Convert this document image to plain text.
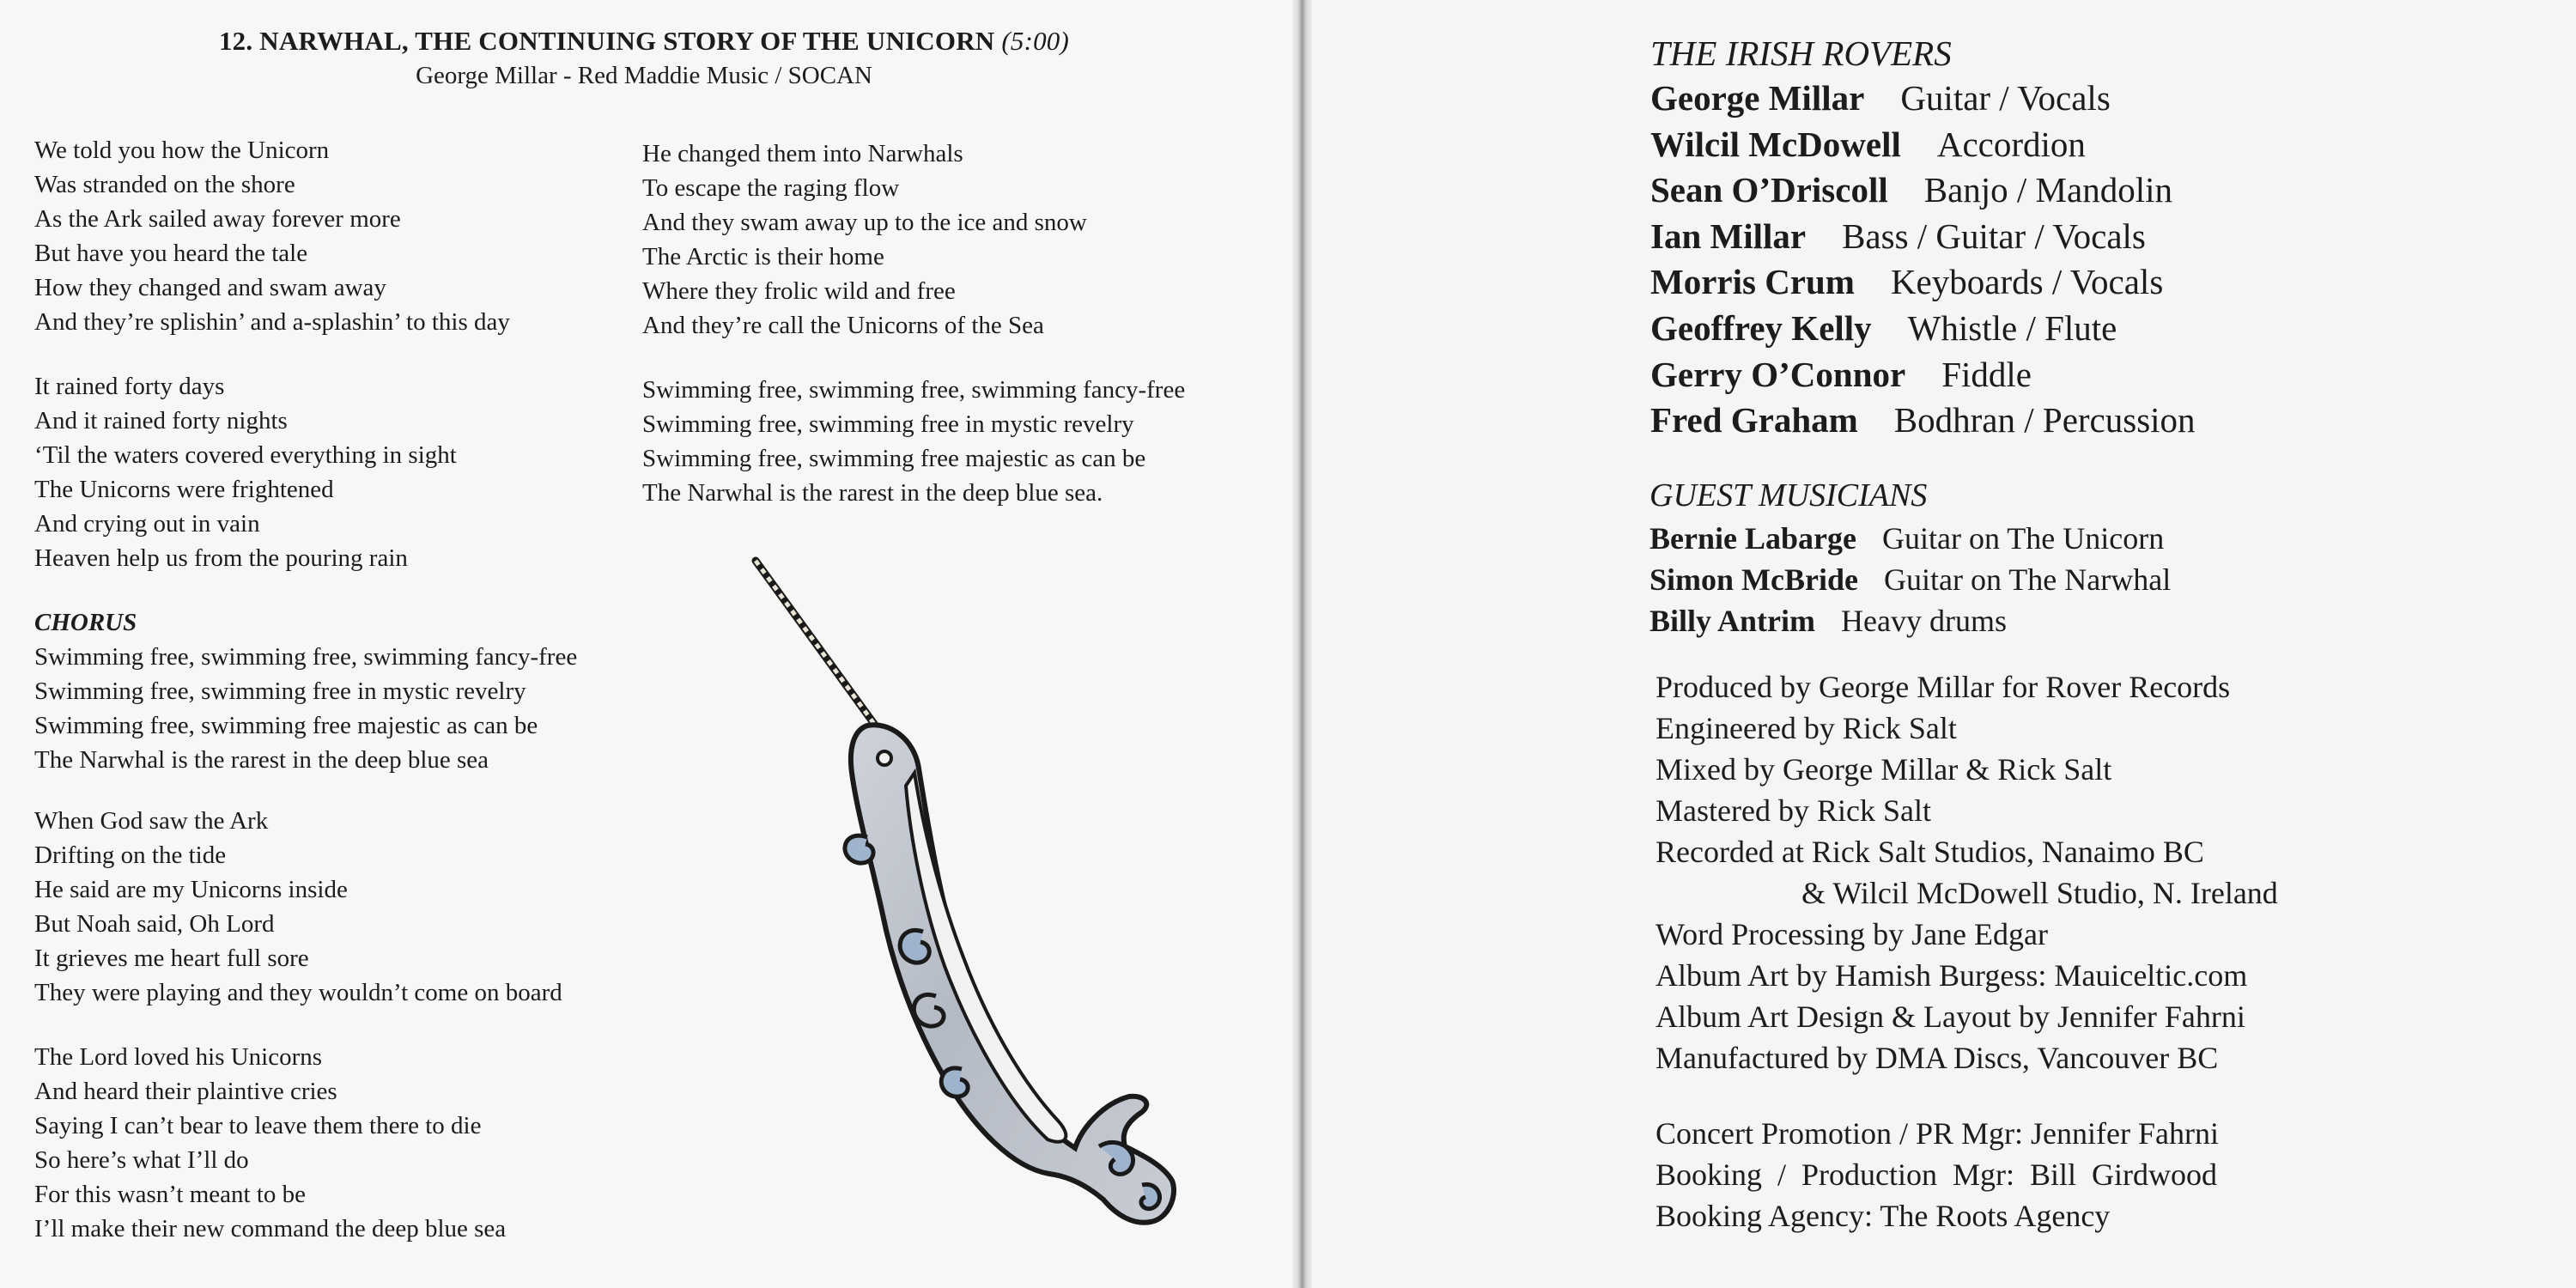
12. NARWHAL, THE CONTINUING STORY OF THE UNICORN (5:00)
George Millar - Red Maddie Music / SOCAN
We told you how the Unicorn
Was stranded on the shore
As the Ark sailed away forever more
But have you heard the tale
How they changed and swam away
And they’re splishin’ and a-splashin’ to this day
It rained forty days
And it rained forty nights
‘Til the waters covered everything in sight
The Unicorns were frightened
And crying out in vain
Heaven help us from the pouring rain
CHORUS
Swimming free, swimming free, swimming fancy-free
Swimming free, swimming free in mystic revelry
Swimming free, swimming free majestic as can be
The Narwhal is the rarest in the deep blue sea
When God saw the Ark
Drifting on the tide
He said are my Unicorns inside
But Noah said, Oh Lord
It grieves me heart full sore
They were playing and they wouldn’t come on board
The Lord loved his Unicorns
And heard their plaintive cries
Saying I can’t bear to leave them there to die
So here’s what I’ll do
For this wasn’t meant to be
I’ll make their new command the deep blue sea
He changed them into Narwhals
To escape the raging flow
And they swam away up to the ice and snow
The Arctic is their home
Where they frolic wild and free
And they’re call the Unicorns of the Sea
Swimming free, swimming free, swimming fancy-free
Swimming free, swimming free in mystic revelry
Swimming free, swimming free majestic as can be
The Narwhal is the rarest in the deep blue sea.
THE IRISH ROVERS
George Millar Guitar / Vocals
Wilcil McDowell Accordion
Sean O’Driscoll Banjo / Mandolin
Ian Millar Bass / Guitar / Vocals
Morris Crum Keyboards / Vocals
Geoffrey Kelly Whistle / Flute
Gerry O’Connor Fiddle
Fred Graham Bodhran / Percussion
GUEST MUSICIANS
Bernie Labarge Guitar on The Unicorn
Simon McBride Guitar on The Narwhal
Billy Antrim Heavy drums
Produced by George Millar for Rover Records
Engineered by Rick Salt
Mixed by George Millar & Rick Salt
Mastered by Rick Salt
Recorded at Rick Salt Studios, Nanaimo BC
& Wilcil McDowell Studio, N. Ireland
Word Processing by Jane Edgar
Album Art by Hamish Burgess: Mauiceltic.com
Album Art Design & Layout by Jennifer Fahrni
Manufactured by DMA Discs, Vancouver BC
Concert Promotion / PR Mgr: Jennifer Fahrni
Booking  /  Production  Mgr:  Bill  Girdwood
Booking Agency: The Roots Agency
